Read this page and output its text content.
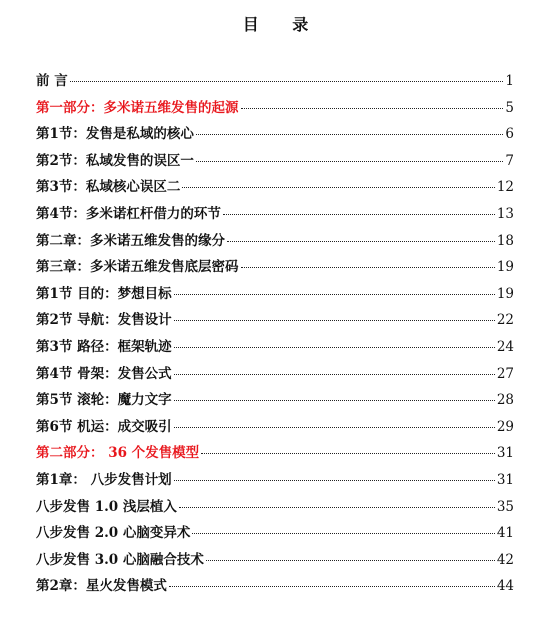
目 录
前 言	1
第一部分：多米诺五维发售的起源	5
第1节：发售是私域的核心	6
第2节：私域发售的误区一	7
第3节：私域核心误区二	12
第4节：多米诺杠杆借力的环节	13
第二章：多米诺五维发售的缘分	18
第三章：多米诺五维发售底层密码	19
第1节 目的：梦想目标	19
第2节 导航：发售设计	22
第3节 路径：框架轨迹	24
第4节 骨架：发售公式	27
第5节 滚轮：魔力文字	28
第6节 机运：成交吸引	29
第二部分： 36 个发售模型	31
第1章： 八步发售计划	31
八步发售 1.0 浅层植入	35
八步发售 2.0 心脑变异术	41
八步发售 3.0 心脑融合技术	42
第2章：星火发售模式	44
